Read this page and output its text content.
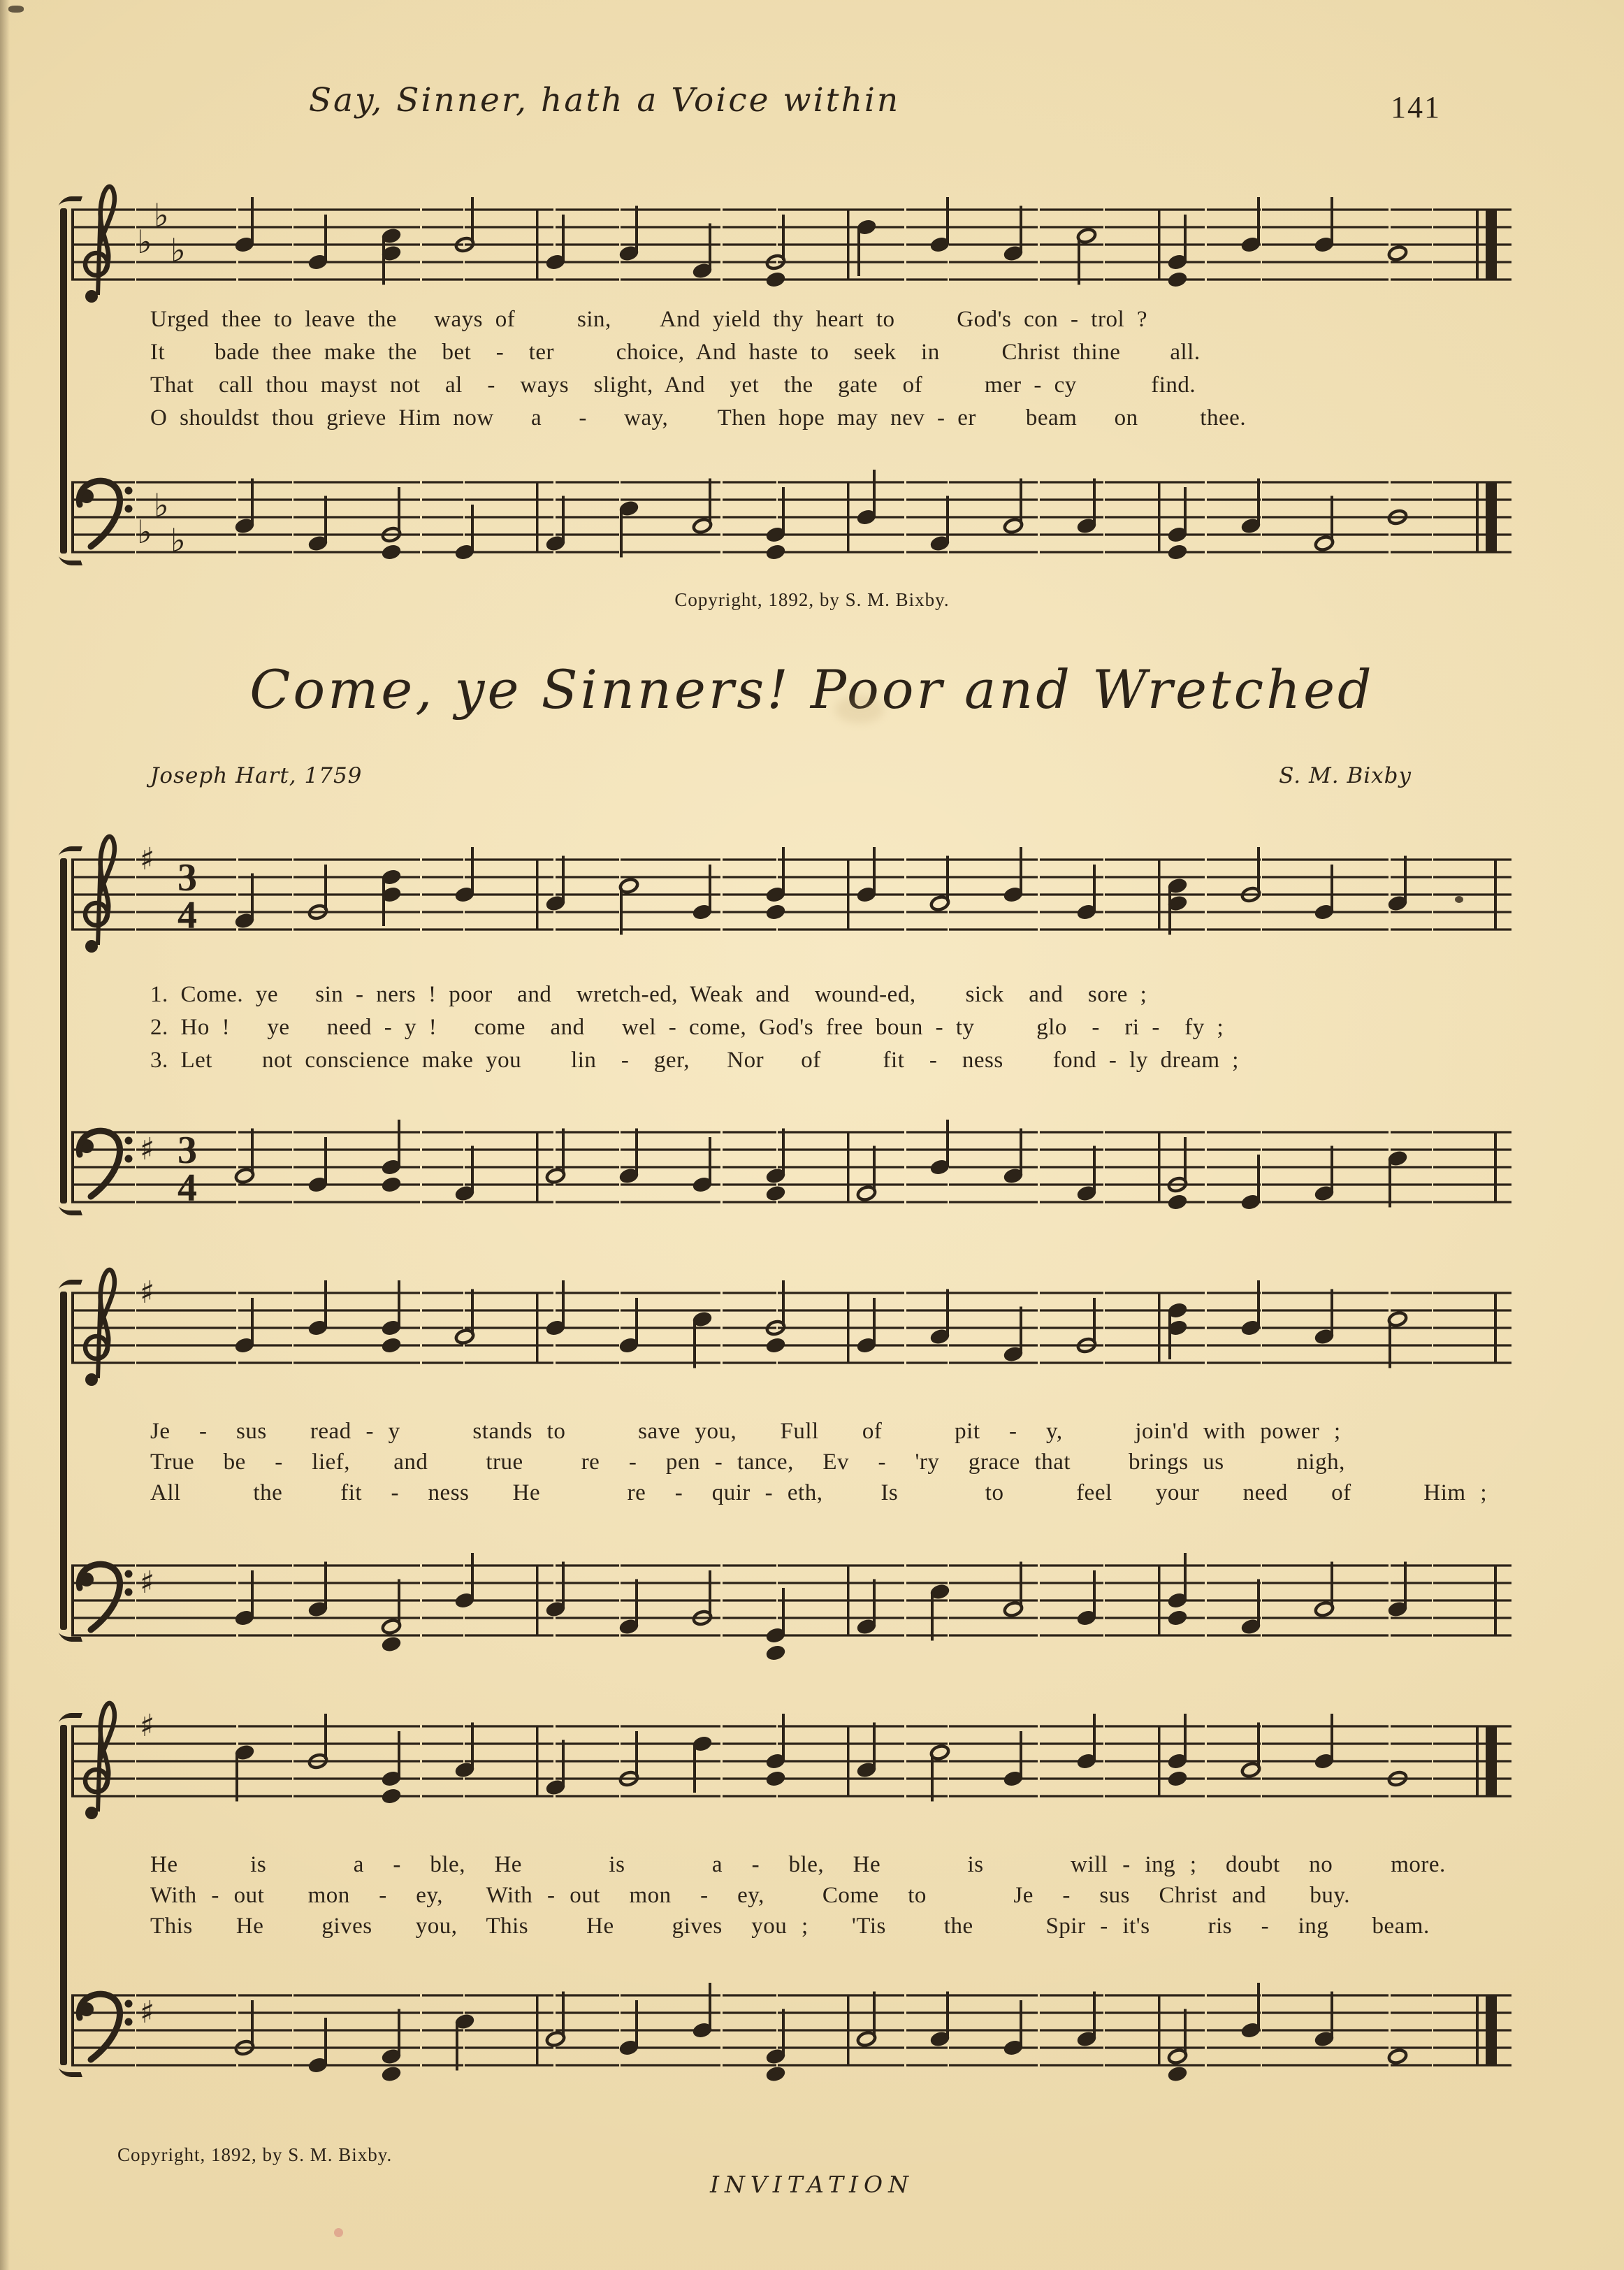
Say, Sinner, hath a Voice within	141
♭
♭
♭
Urged thee to leave the   ways of     sin,    And yield thy heart to     God's con - trol ?
It    bade thee make the  bet  -  ter     choice, And haste to  seek  in     Christ thine    all.
That  call thou mayst not  al  -  ways  slight, And  yet  the  gate  of     mer - cy      find.
O shouldst thou grieve Him now   a   -   way,    Then hope may nev - er    beam   on     thee.
♭
♭
♭
Copyright, 1892, by S. M. Bixby.
Come, ye Sinners! Poor and Wretched
Joseph Hart, 1759	S. M. Bixby
♯ 3
4
1. Come. ye   sin - ners ! poor  and  wretch-ed, Weak and  wound-ed,    sick  and  sore ;
2. Ho !   ye   need - y !   come  and   wel - come, God's free boun - ty     glo  -  ri -  fy ;
3. Let    not conscience make you    lin  -  ger,   Nor   of     fit  -  ness    fond - ly dream ;
♯ 3
4
♯
Je  -  sus   read - y     stands to     save you,   Full   of     pit  -  y,     join'd with power ;
True  be  -  lief,   and    true    re  -  pen - tance,  Ev  -  'ry  grace that    brings us     nigh,
All     the    fit  -  ness   He      re  -  quir - eth,    Is      to     feel   your   need   of     Him ;
♯
♯
He     is      a  -  ble,  He      is      a  -  ble,  He      is      will - ing ;  doubt  no    more.
With - out   mon  -  ey,   With - out  mon  -  ey,    Come  to      Je  -  sus  Christ and   buy.
This   He    gives   you,  This    He    gives  you ;   'Tis    the     Spir - it's    ris  -  ing   beam.
♯
Copyright, 1892, by S. M. Bixby.
INVITATION
